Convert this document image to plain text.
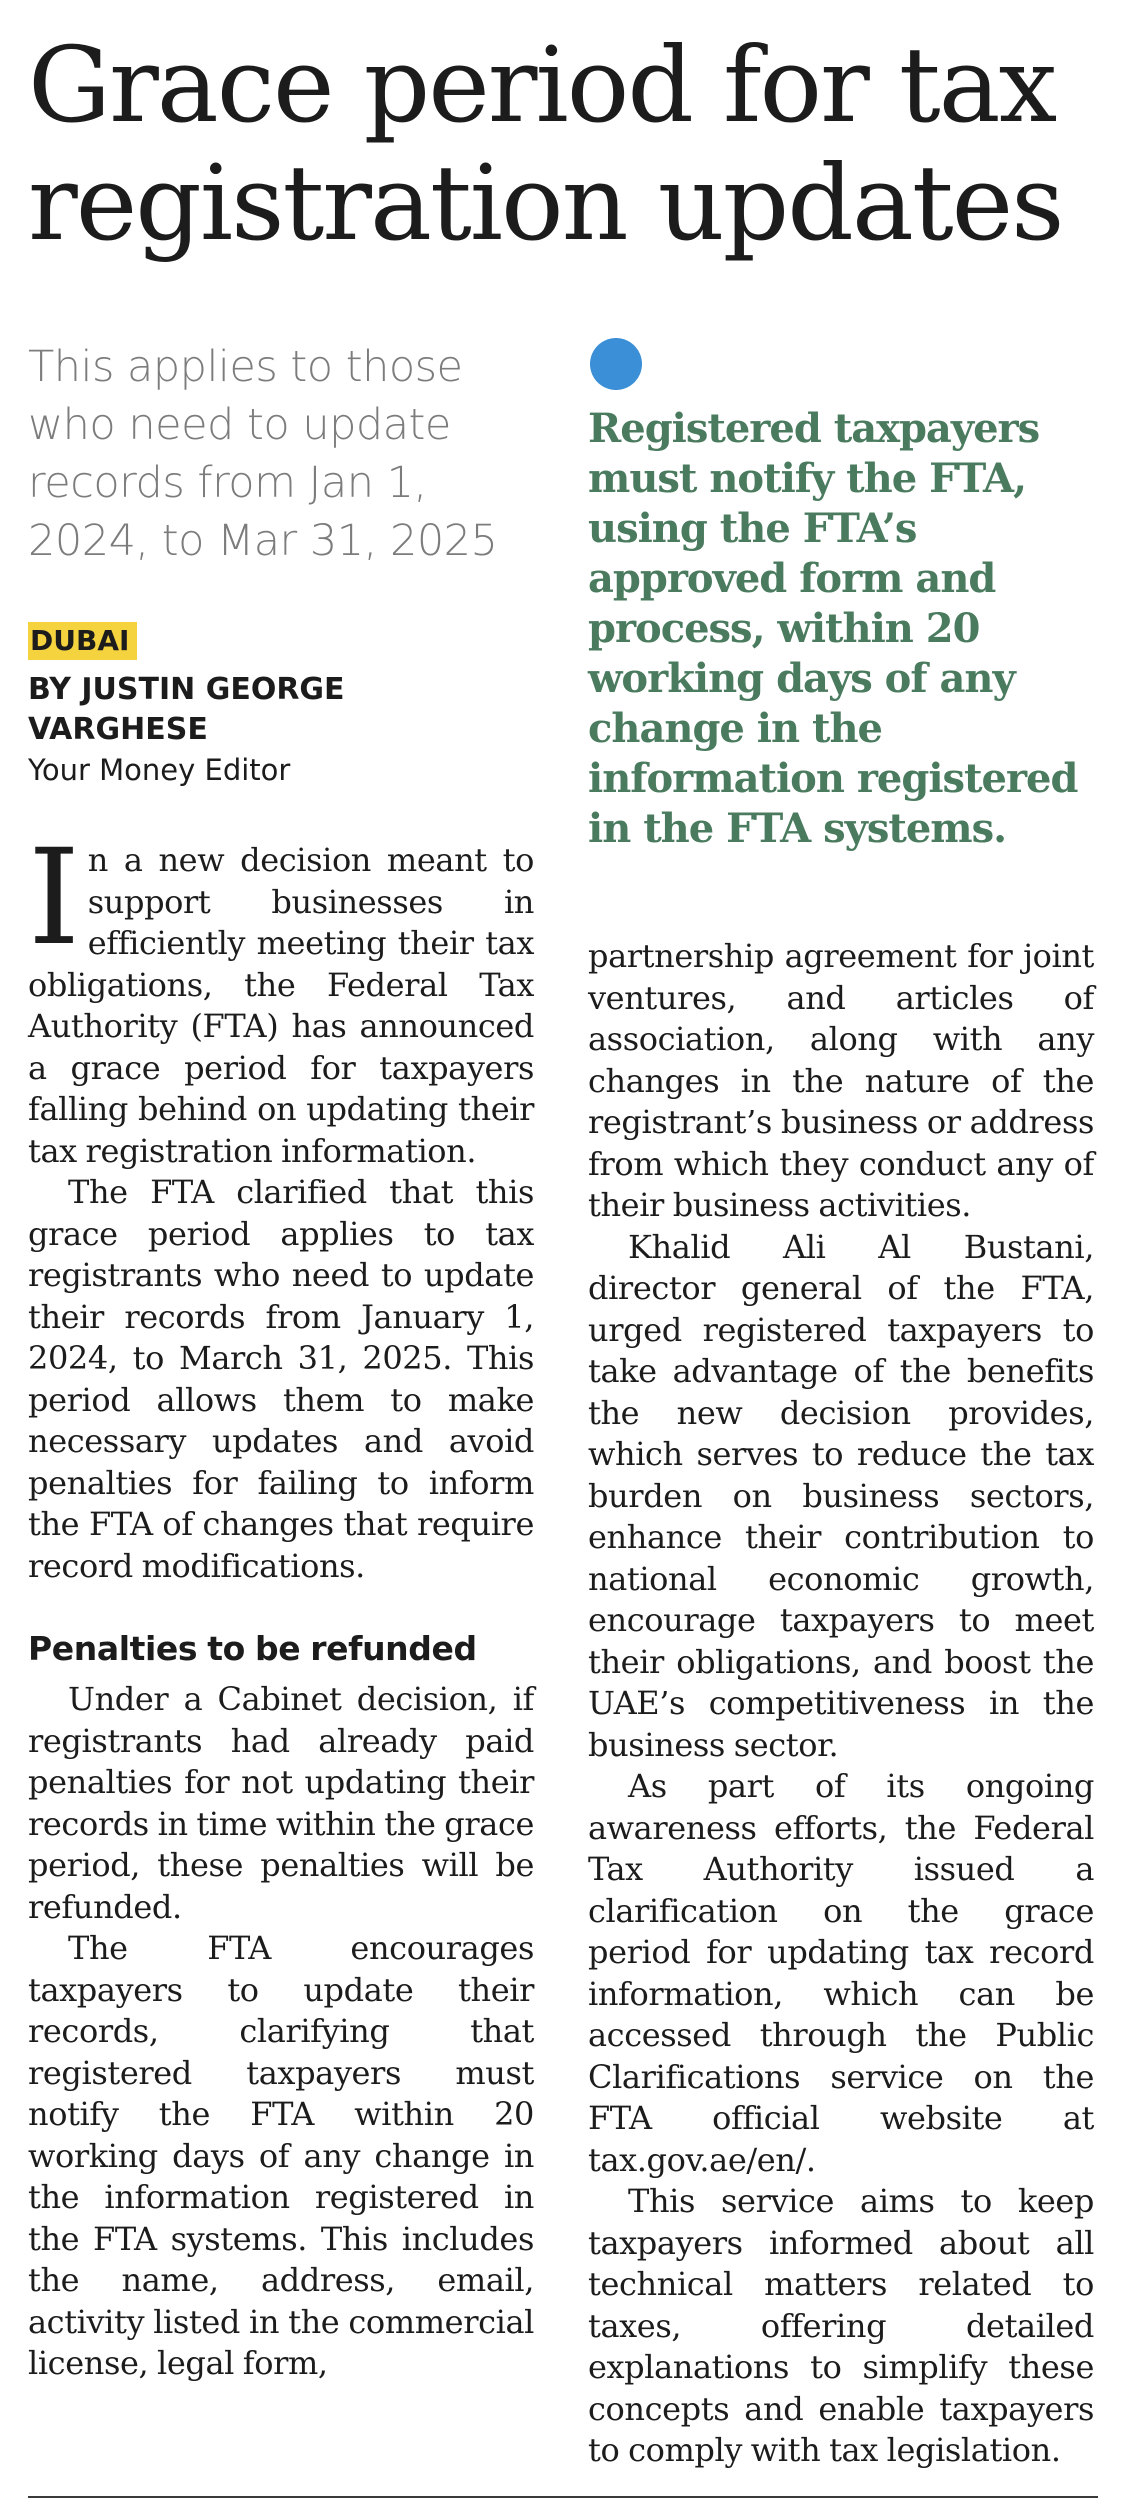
Grace period for tax registration updates

This applies to those who need to update records from Jan 1, 2024, to Mar 31, 2025

DUBAI
BY JUSTIN GEORGE VARGHESE
Your Money Editor

In a new decision meant to support businesses in efficiently meeting their tax obligations, the Federal Tax Authority (FTA) has announced a grace period for taxpayers falling behind on updating their tax registration information.

The FTA clarified that this grace period applies to tax registrants who need to update their records from January 1, 2024, to March 31, 2025. This period allows them to make necessary updates and avoid penalties for failing to inform the FTA of changes that require record modifications.

Penalties to be refunded

Under a Cabinet decision, if registrants had already paid penalties for not updating their records in time within the grace period, these penalties will be refunded.

The FTA encourages taxpayers to update their records, clarifying that registered taxpayers must notify the FTA within 20 working days of any change in the information registered in the FTA systems. This includes the name, address, email, activity listed in the commercial license, legal form,

Registered taxpayers must notify the FTA, using the FTA’s approved form and process, within 20 working days of any change in the information registered in the FTA systems.

partnership agreement for joint ventures, and articles of association, along with any changes in the nature of the registrant’s business or address from which they conduct any of their business activities.

Khalid Ali Al Bustani, director general of the FTA, urged registered taxpayers to take advantage of the benefits the new decision provides, which serves to reduce the tax burden on business sectors, enhance their contribution to national economic growth, encourage taxpayers to meet their obligations, and boost the UAE’s competitiveness in the business sector.

As part of its ongoing awareness efforts, the Federal Tax Authority issued a clarification on the grace period for updating tax record information, which can be accessed through the Public Clarifications service on the FTA official website at tax.gov.ae/en/.

This service aims to keep taxpayers informed about all technical matters related to taxes, offering detailed explanations to simplify these concepts and enable taxpayers to comply with tax legislation.
